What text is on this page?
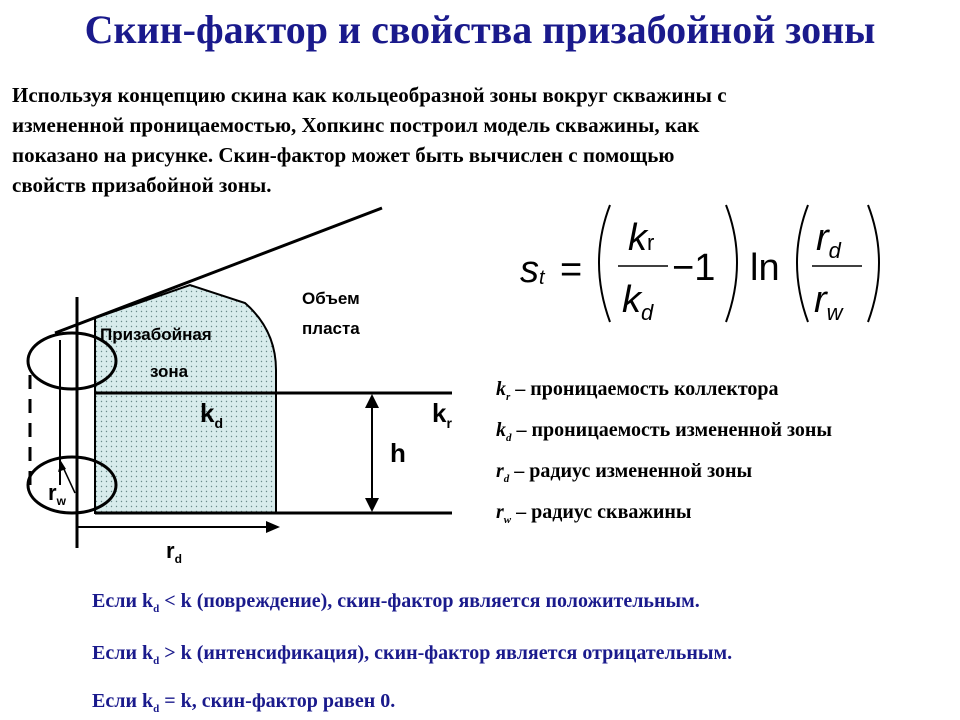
Скин-фактор и свойства призабойной зоны
Используя концепцию скина как кольцеобразной зоны вокруг скважины с
измененной проницаемостью, Хопкинс построил модель скважины, как
показано на рисунке. Скин-фактор может быть вычислен с помощью
свойств призабойной зоны.
Призабойная
зона
Объем
пласта
$k_d$	$k_r$
h
$r_w$
$r_d$
st =
kr
$k_d$
−1 ln
$r_d$
$r_w$
$k_r$ – проницаемость коллектора
$k_d$ – проницаемость измененной зоны
$r_d$ – радиус измененной зоны
$r_w$ – радиус скважины
Если $k_d < k$ (повреждение), скин-фактор является положительным.
Если $k_d > k$ (интенсификация), скин-фактор является отрицательным.
Если $k_d = k$, скин-фактор равен 0.
